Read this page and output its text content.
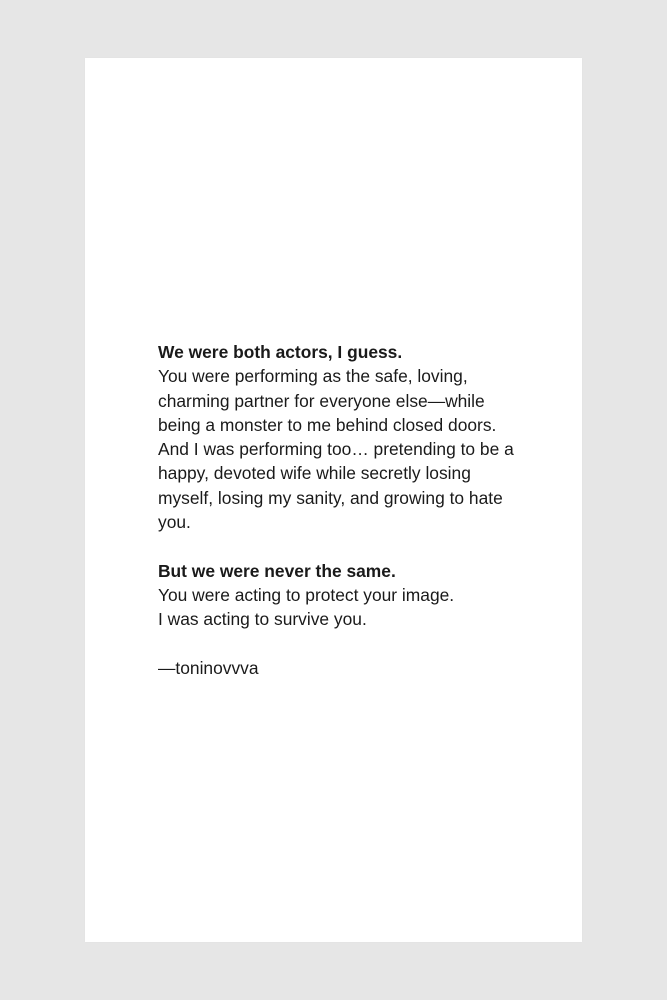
We were both actors, I guess.
You were performing as the safe, loving,
charming partner for everyone else—while
being a monster to me behind closed doors.
And I was performing too… pretending to be a
happy, devoted wife while secretly losing
myself, losing my sanity, and growing to hate
you.
But we were never the same.
You were acting to protect your image.
I was acting to survive you.
—toninovvva
